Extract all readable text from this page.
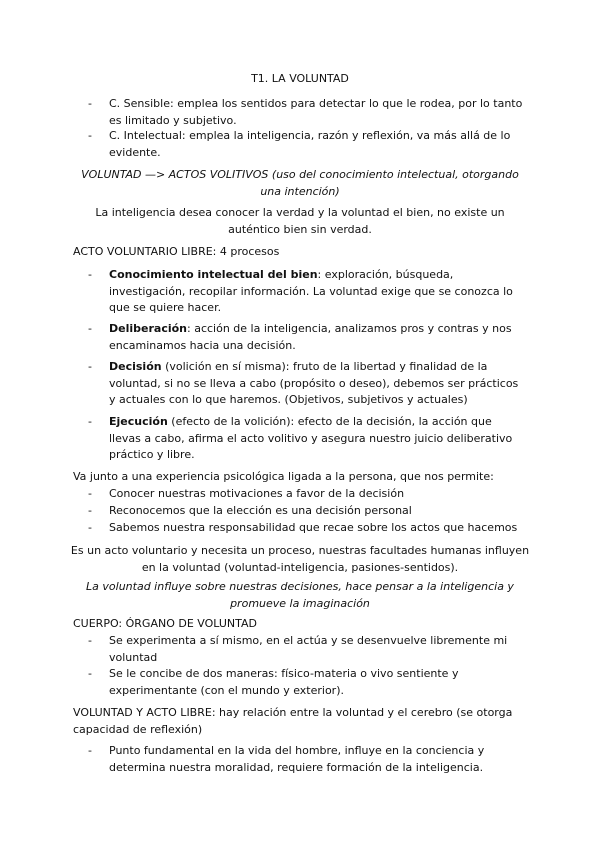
T1. LA VOLUNTAD

- C. Sensible: emplea los sentidos para detectar lo que le rodea, por lo tanto es limitado y subjetivo.

- C. Intelectual: emplea la inteligencia, razón y reflexión, va más allá de lo evidente.

VOLUNTAD —> ACTOS VOLITIVOS (uso del conocimiento intelectual, otorgando una intención)

La inteligencia desea conocer la verdad y la voluntad el bien, no existe un auténtico bien sin verdad.

ACTO VOLUNTARIO LIBRE: 4 procesos

- Conocimiento intelectual del bien: exploración, búsqueda, investigación, recopilar información. La voluntad exige que se conozca lo que se quiere hacer.

- Deliberación: acción de la inteligencia, analizamos pros y contras y nos encaminamos hacia una decisión.

- Decisión (volición en sí misma): fruto de la libertad y finalidad de la voluntad, si no se lleva a cabo (propósito o deseo), debemos ser prácticos y actuales con lo que haremos. (Objetivos, subjetivos y actuales)

- Ejecución (efecto de la volición): efecto de la decisión, la acción que llevas a cabo, afirma el acto volitivo y asegura nuestro juicio deliberativo práctico y libre.

Va junto a una experiencia psicológica ligada a la persona, que nos permite:

- Conocer nuestras motivaciones a favor de la decisión

- Reconocemos que la elección es una decisión personal

- Sabemos nuestra responsabilidad que recae sobre los actos que hacemos

Es un acto voluntario y necesita un proceso, nuestras facultades humanas influyen en la voluntad (voluntad-inteligencia, pasiones-sentidos).

La voluntad influye sobre nuestras decisiones, hace pensar a la inteligencia y promueve la imaginación

CUERPO: ÓRGANO DE VOLUNTAD

- Se experimenta a sí mismo, en el actúa y se desenvuelve libremente mi voluntad

- Se le concibe de dos maneras: físico-materia o vivo sentiente y experimentante (con el mundo y exterior).

VOLUNTAD Y ACTO LIBRE: hay relación entre la voluntad y el cerebro (se otorga capacidad de reflexión)

- Punto fundamental en la vida del hombre, influye en la conciencia y determina nuestra moralidad, requiere formación de la inteligencia.
